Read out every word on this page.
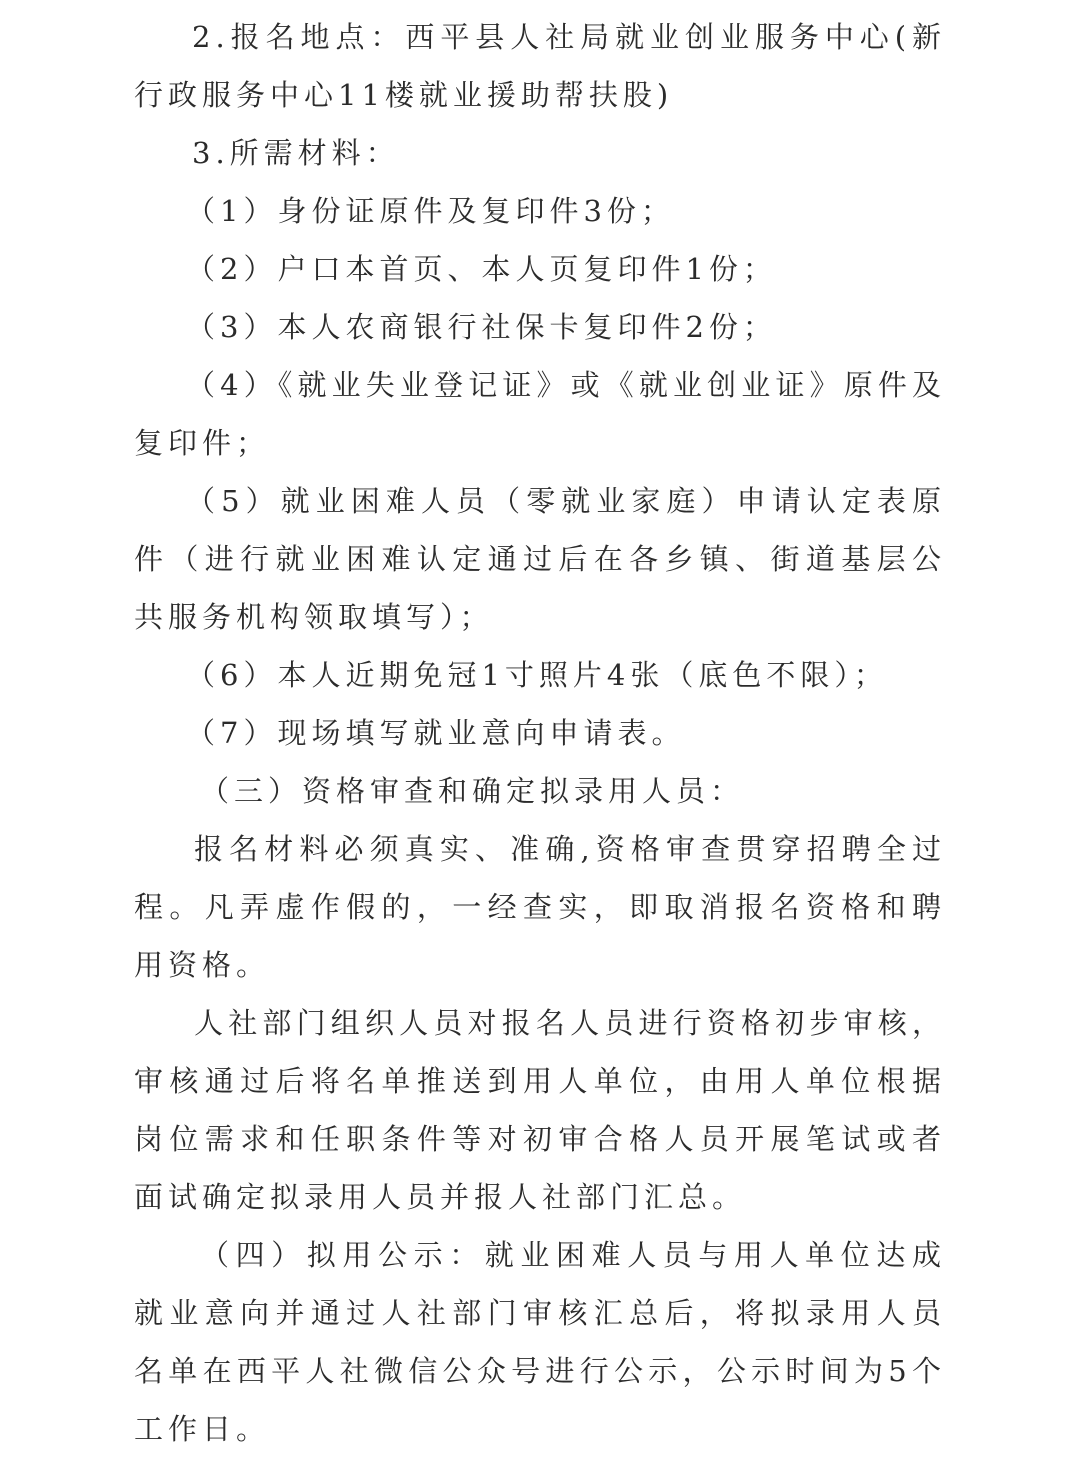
2.报名地点：西平县人社局就业创业服务中心(新行政服务中心11楼就业援助帮扶股)

3.所需材料：

（1）身份证原件及复印件3份；

（2）户口本首页、本人页复印件1份；

（3）本人农商银行社保卡复印件2份；

（4）《就业失业登记证》或《就业创业证》原件及复印件；

（5）就业困难人员（零就业家庭）申请认定表原件（进行就业困难认定通过后在各乡镇、街道基层公共服务机构领取填写）；

（6）本人近期免冠1寸照片4张（底色不限）；

（7）现场填写就业意向申请表。

（三）资格审查和确定拟录用人员：

报名材料必须真实、准确,资格审查贯穿招聘全过程。凡弄虚作假的，一经查实，即取消报名资格和聘用资格。

人社部门组织人员对报名人员进行资格初步审核，审核通过后将名单推送到用人单位，由用人单位根据岗位需求和任职条件等对初审合格人员开展笔试或者面试确定拟录用人员并报人社部门汇总。

（四）拟用公示：就业困难人员与用人单位达成就业意向并通过人社部门审核汇总后，将拟录用人员名单在西平人社微信公众号进行公示，公示时间为5个工作日。
